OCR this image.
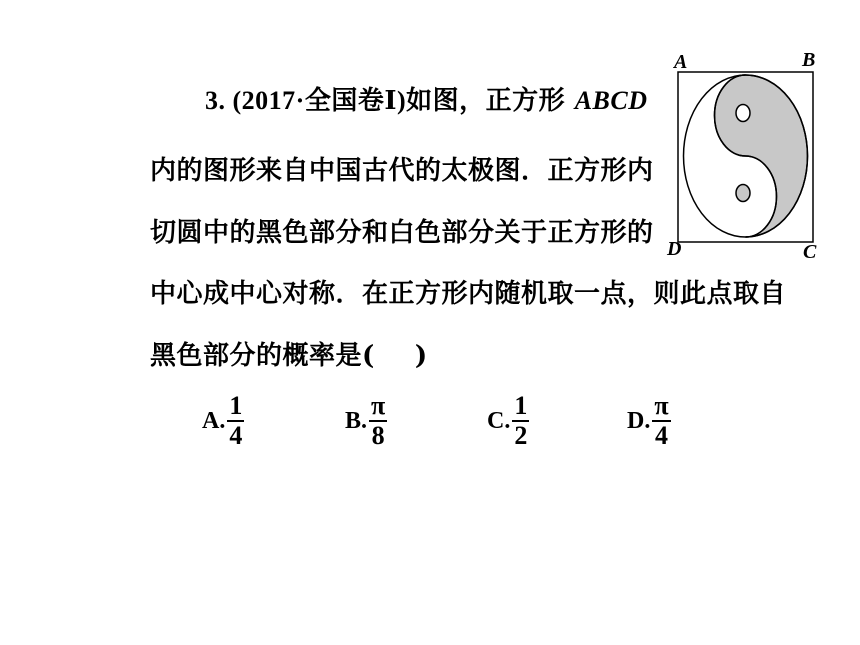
3. (2017·全国卷Ⅰ)如图，正方形 ABCD
内的图形来自中国古代的太极图．正方形内
切圆中的黑色部分和白色部分关于正方形的
中心成中心对称．在正方形内随机取一点，则此点取自
黑色部分的概率是( )
A. $\frac{1}{4}$	B. $\frac{\pi}{8}$	C. $\frac{1}{2}$	D. $\frac{\pi}{4}$
A	B
D	C
